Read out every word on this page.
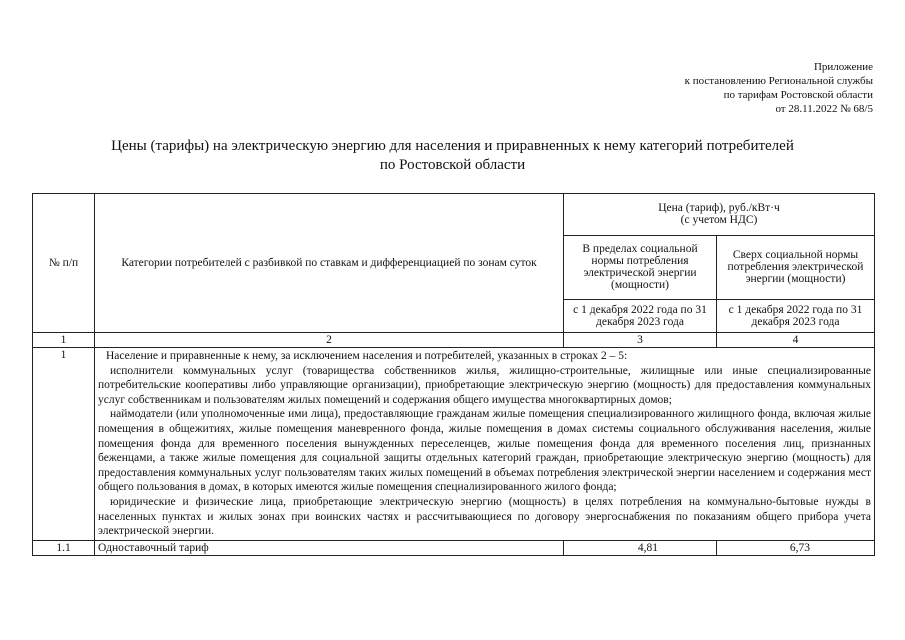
Приложение
к постановлению Региональной службы
по тарифам Ростовской области
от 28.11.2022 № 68/5
Цены (тарифы) на электрическую энергию для населения и приравненных к нему категорий потребителей
по Ростовской области
№ п/п	Категории потребителей с разбивкой по ставкам и дифференциацией по зонам суток	Цена (тариф), руб./кВт·ч
(с учетом НДС)	

		В пределах социальной нормы потребления электрической энергии (мощности)	Сверх социальной нормы потребления электрической энергии (мощности)
		с 1 декабря 2022 года по 31 декабря 2023 года	с 1 декабря 2022 года по 31 декабря 2023 года
1	2	3	4
1	Население и приравненные к нему, за исключением населения и потребителей, указанных в строках 2 – 5:

исполнители коммунальных услуг (товарищества собственников жилья, жилищно-строительные, жилищные или иные специализированные потребительские кооперативы либо управляющие организации), приобретающие электрическую энергию (мощность) для предоставления коммунальных услуг собственникам и пользователям жилых помещений и содержания общего имущества многоквартирных домов;

наймодатели (или уполномоченные ими лица), предоставляющие гражданам жилые помещения специализированного жилищного фонда, включая жилые помещения в общежитиях, жилые помещения маневренного фонда, жилые помещения в домах системы социального обслуживания населения, жилые помещения фонда для временного поселения вынужденных переселенцев, жилые помещения фонда для временного поселения лиц, признанных беженцами, а также жилые помещения для социальной защиты отдельных категорий граждан, приобретающие электрическую энергию (мощность) для предоставления коммунальных услуг пользователям таких жилых помещений в объемах потребления электрической энергии населением и содержания мест общего пользования в домах, в которых имеются жилые помещения специализированного жилого фонда;

юридические и физические лица, приобретающие электрическую энергию (мощность) в целях потребления на коммунально-бытовые нужды в населенных пунктах и жилых зонах при воинских частях и рассчитывающиеся по договору энергоснабжения по показаниям общего прибора учета электрической энергии.		

1.1	Одноставочный тариф	4,81	6,73
